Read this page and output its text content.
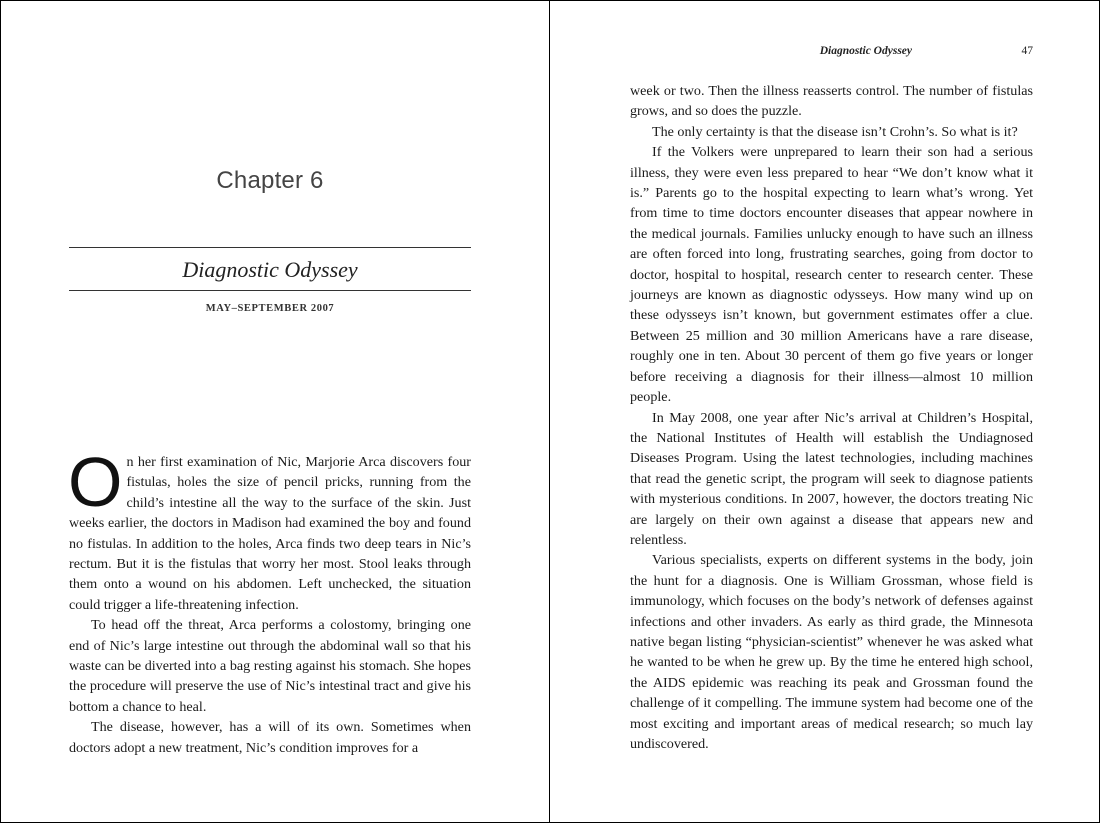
Chapter 6
Diagnostic Odyssey
MAY–SEPTEMBER 2007

On her first examination of Nic, Marjorie Arca discovers four fistulas, holes the size of pencil pricks, running from the child’s intestine all the way to the surface of the skin. Just weeks earlier, the doctors in Madison had examined the boy and found no fistulas. In addition to the holes, Arca finds two deep tears in Nic’s rectum. But it is the fistulas that worry her most. Stool leaks through them onto a wound on his abdomen. Left unchecked, the situation could trigger a life-threatening infection.

To head off the threat, Arca performs a colostomy, bringing one end of Nic’s large intestine out through the abdominal wall so that his waste can be diverted into a bag resting against his stomach. She hopes the procedure will preserve the use of Nic’s intestinal tract and give his bottom a chance to heal.

The disease, however, has a will of its own. Sometimes when doctors adopt a new treatment, Nic’s condition improves for a

Diagnostic Odyssey	47

week or two. Then the illness reasserts control. The number of fistulas grows, and so does the puzzle.

The only certainty is that the disease isn’t Crohn’s. So what is it?

If the Volkers were unprepared to learn their son had a serious illness, they were even less prepared to hear “We don’t know what it is.” Parents go to the hospital expecting to learn what’s wrong. Yet from time to time doctors encounter diseases that appear nowhere in the medical journals. Families unlucky enough to have such an illness are often forced into long, frustrating searches, going from doctor to doctor, hospital to hospital, research center to research center. These journeys are known as diagnostic odysseys. How many wind up on these odysseys isn’t known, but government estimates offer a clue. Between 25 million and 30 million Americans have a rare disease, roughly one in ten. About 30 percent of them go five years or longer before receiving a diagnosis for their illness—almost 10 million people.

In May 2008, one year after Nic’s arrival at Children’s Hospital, the National Institutes of Health will establish the Undiagnosed Diseases Program. Using the latest technologies, including machines that read the genetic script, the program will seek to diagnose patients with mysterious conditions. In 2007, however, the doctors treating Nic are largely on their own against a disease that appears new and relentless.

Various specialists, experts on different systems in the body, join the hunt for a diagnosis. One is William Grossman, whose field is immunology, which focuses on the body’s network of defenses against infections and other invaders. As early as third grade, the Minnesota native began listing “physician-scientist” whenever he was asked what he wanted to be when he grew up. By the time he entered high school, the AIDS epidemic was reaching its peak and Grossman found the challenge of it compelling. The immune system had become one of the most exciting and important areas of medical research; so much lay undiscovered.
